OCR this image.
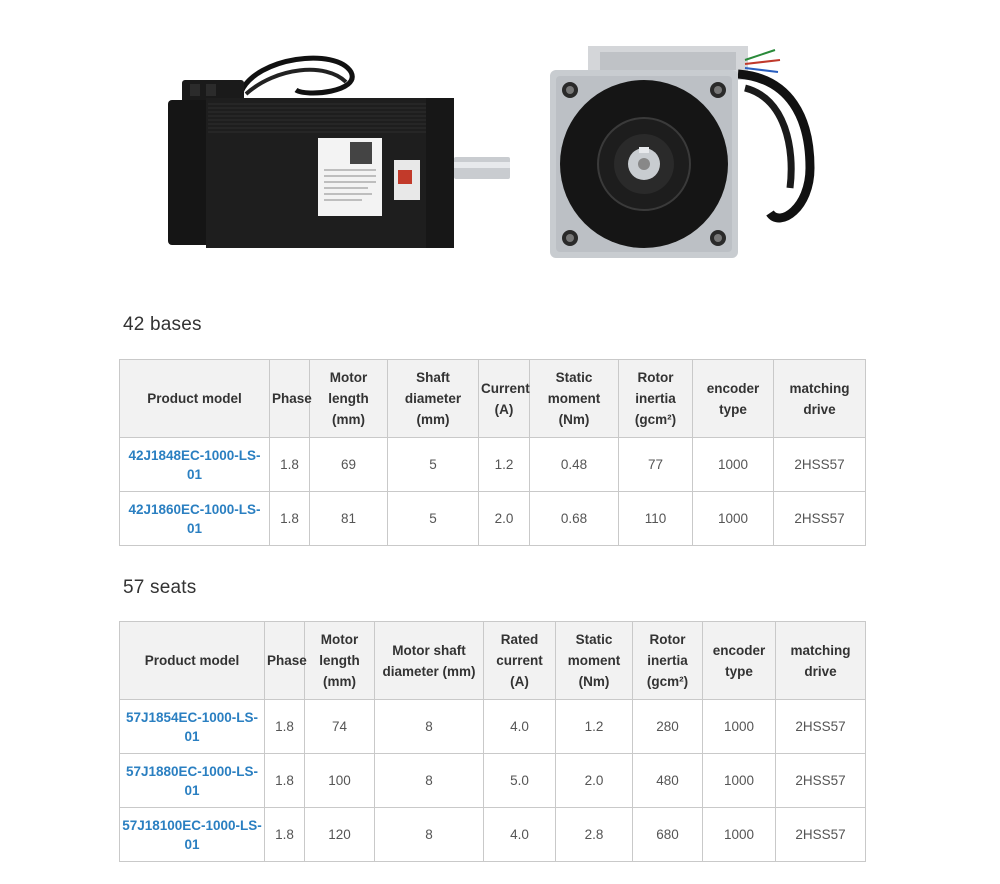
42 bases
Product model	Phase	Motor length (mm)	Shaft diameter (mm)	Current (A)	Static moment (Nm)	Rotor inertia (gcm²)	encoder type	matching drive
42J1848EC-1000-LS-01	1.8	69	5	1.2	0.48	77	1000	2HSS57
42J1860EC-1000-LS-01	1.8	81	5	2.0	0.68	110	1000	2HSS57
57 seats
Product model	Phase	Motor length (mm)	Motor shaft diameter (mm)	Rated current (A)	Static moment (Nm)	Rotor inertia (gcm²)	encoder type	matching drive
57J1854EC-1000-LS-01	1.8	74	8	4.0	1.2	280	1000	2HSS57
57J1880EC-1000-LS-01	1.8	100	8	5.0	2.0	480	1000	2HSS57
57J18100EC-1000-LS-01	1.8	120	8	4.0	2.8	680	1000	2HSS57
